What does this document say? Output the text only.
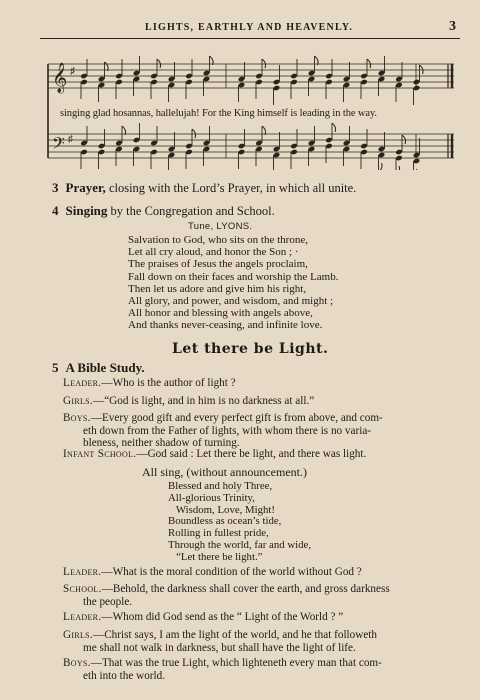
LIGHTS, EARTHLY AND HEAVENLY.	3
𝄞 ♯
𝄢 ♯
singing glad hosannas, hallelujah! For the King himself is leading in the way.
3 Prayer, closing with the Lord’s Prayer, in which all unite.
4 Singing by the Congregation and School.
Tune, LYONS.
Salvation to God, who sits on the throne,
Let all cry aloud, and honor the Son ; ·
The praises of Jesus the angels proclaim,
Fall down on their faces and worship the Lamb.
Then let us adore and give him his right,
All glory, and power, and wisdom, and might ;
All honor and blessing with angels above,
And thanks never-ceasing, and infinite love.
Let there be Light.
5 A Bible Study.
Leader.—Who is the author of light ?
Girls.—“God is light, and in him is no darkness at all.”
Boys.—Every good gift and every perfect gift is from above, and com-
eth down from the Father of lights, with whom there is no varia-
bleness, neither shadow of turning.
Infant School.—God said : Let there be light, and there was light.
All sing, (without announcement.)
Blessed and holy Three,
All-glorious Trinity,
Wisdom, Love, Might!
Boundless as ocean’s tide,
Rolling in fullest pride,
Through the world, far and wide,
“Let there be light.”
Leader.—What is the moral condition of the world without God ?
School.—Behold, the darkness shall cover the earth, and gross darkness
the people.
Leader.—Whom did God send as the “ Light of the World ? ”
Girls.—Christ says, I am the light of the world, and he that followeth
me shall not walk in darkness, but shall have the light of life.
Boys.—That was the true Light, which lighteneth every man that com-
eth into the world.
